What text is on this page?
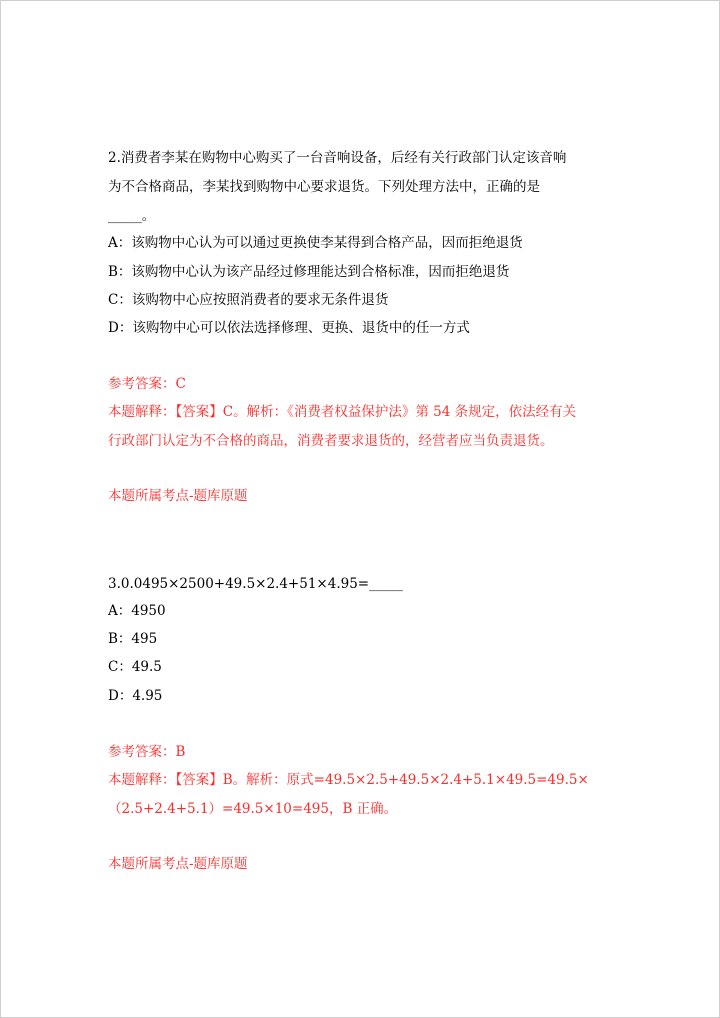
2.消费者李某在购物中心购买了一台音响设备，后经有关行政部门认定该音响
为不合格商品，李某找到购物中心要求退货。下列处理方法中，正确的是
_____。
A：该购物中心认为可以通过更换使李某得到合格产品，因而拒绝退货
B：该购物中心认为该产品经过修理能达到合格标准，因而拒绝退货
C：该购物中心应按照消费者的要求无条件退货
D：该购物中心可以依法选择修理、更换、退货中的任一方式
参考答案：C
本题解释：【答案】C。解析：《消费者权益保护法》第 54 条规定，依法经有关
行政部门认定为不合格的商品，消费者要求退货的，经营者应当负责退货。
本题所属考点-题库原题
3.0.0495×2500+49.5×2.4+51×4.95=_____
A：4950
B：495
C：49.5
D：4.95
参考答案：B
本题解释：【答案】B。解析：原式=49.5×2.5+49.5×2.4+5.1×49.5=49.5×
（2.5+2.4+5.1）=49.5×10=495，B 正确。
本题所属考点-题库原题
